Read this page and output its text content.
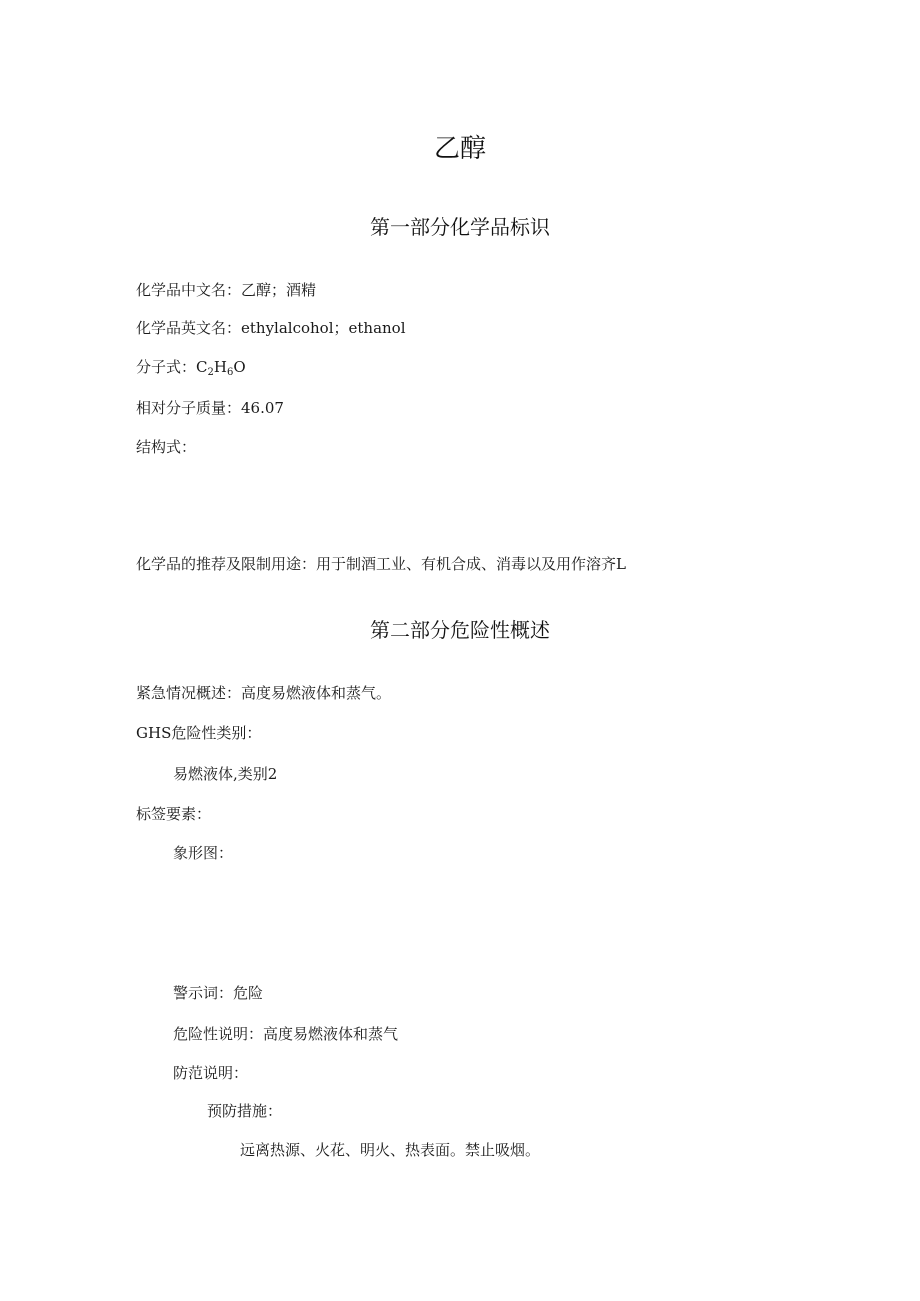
乙醇
第一部分化学品标识
化学品中文名：乙醇；酒精
化学品英文名：ethylalcohol；ethanol
分子式：$C_2H_6O$
相对分子质量：46.07
结构式：
化学品的推荐及限制用途：用于制酒工业、有机合成、消毒以及用作溶齐L
第二部分危险性概述
紧急情况概述：高度易燃液体和蒸气。
GHS危险性类别：
易燃液体,类别2
标签要素：
象形图：
警示词：危险
危险性说明：高度易燃液体和蒸气
防范说明：
预防措施：
远离热源、火花、明火、热表面。禁止吸烟。
